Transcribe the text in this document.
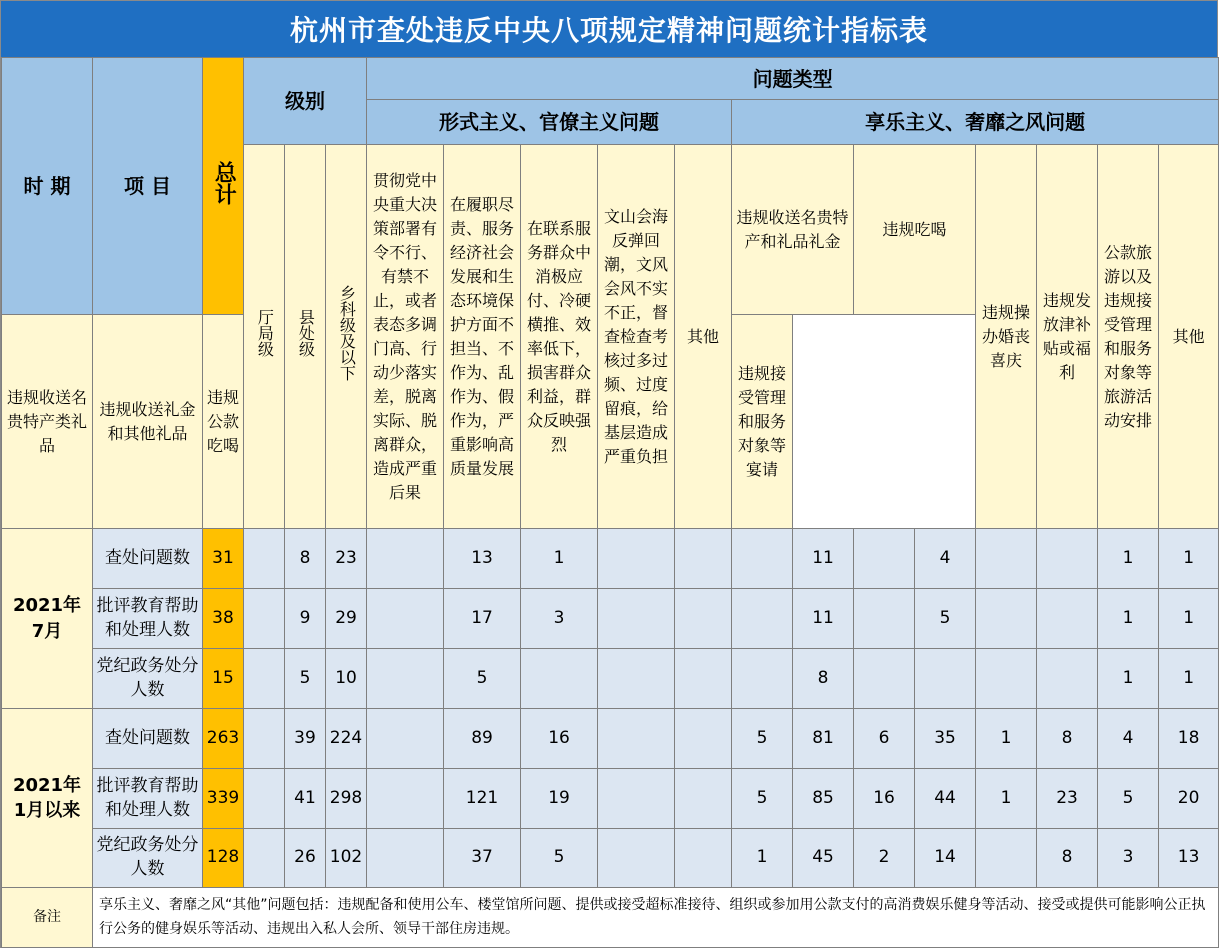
杭州市查处违反中央八项规定精神问题统计指标表
时 期	项 目	总计	级别			问题类型												
						形式主义、官僚主义问题					享乐主义、奢靡之风问题							
			厅局级	县处级	乡科级及以下	贯彻党中央重大决策部署有令不行、有禁不止，或者表态多调门高、行动少落实差，脱离实际、脱离群众，造成严重后果	在履职尽责、服务经济社会发展和生态环境保护方面不担当、不作为、乱作为、假作为，严重影响高质量发展	在联系服务群众中消极应付、冷硬横推、效率低下，损害群众利益，群众反映强烈	文山会海反弹回潮，文风会风不实不正，督查检查考核过多过频、过度留痕，给基层造成严重负担	其他	违规收送名贵特产和礼品礼金		违规吃喝		违规操办婚丧喜庆	违规发放津补贴或福利	公款旅游以及违规接受管理和服务对象等旅游活动安排	其他

违规收送名贵特产类礼品	违规收送礼金和其他礼品	违规公款吃喝									违规接受管理和服务对象等宴请							

2021年
7月	查处问题数	31		8	23		13	1				11		4			1	1
	批评教育帮助和处理人数	38		9	29		17	3				11		5			1	1
	党纪政务处分人数	15		5	10		5					8					1	1
2021年
1月以来	查处问题数	263		39	224		89	16			5	81	6	35	1	8	4	18
	批评教育帮助和处理人数	339		41	298		121	19			5	85	16	44	1	23	5	20
	党纪政务处分人数	128		26	102		37	5			1	45	2	14		8	3	13
备注	享乐主义、奢靡之风“其他”问题包括：违规配备和使用公车、楼堂馆所问题、提供或接受超标准接待、组织或参加用公款支付的高消费娱乐健身等活动、接受或提供可能影响公正执行公务的健身娱乐等活动、违规出入私人会所、领导干部住房违规。																	
